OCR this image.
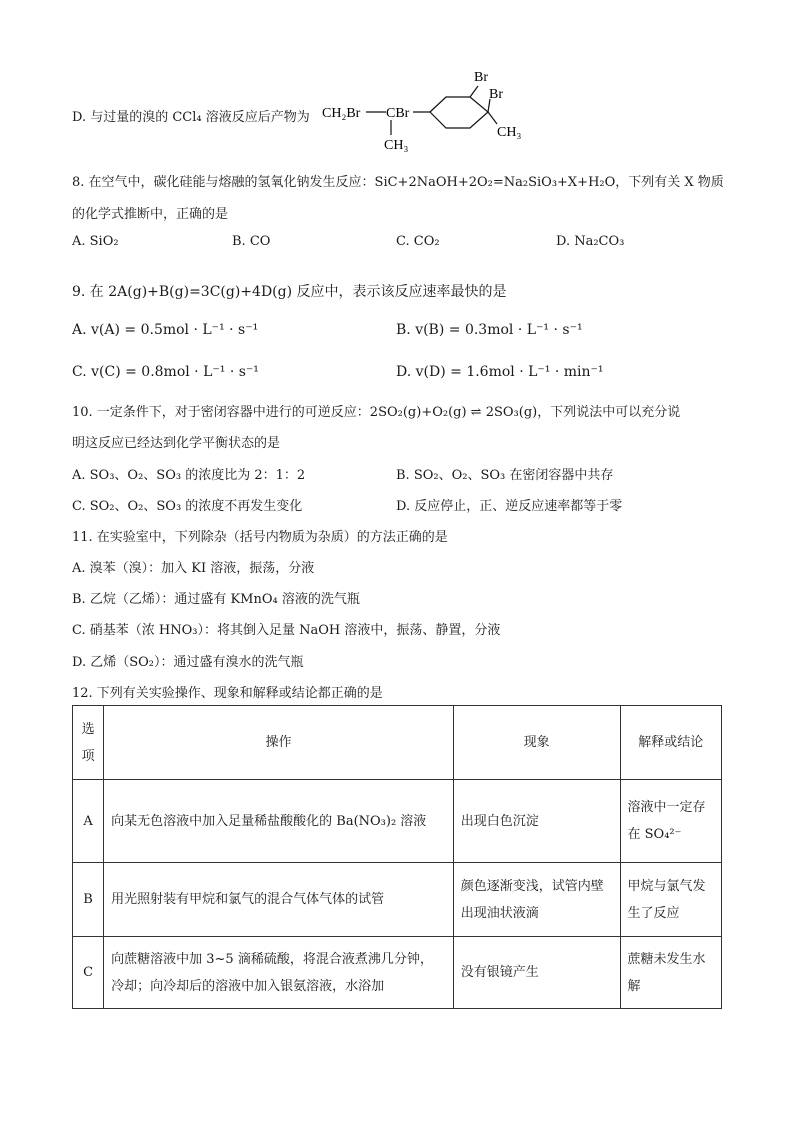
D. 与过量的溴的 CCl₄ 溶液反应后产物为 CH₂Br CBr
CH₃
Br
Br
CH₃
8. 在空气中，碳化硅能与熔融的氢氧化钠发生反应：SiC+2NaOH+2O₂=Na₂SiO₃+X+H₂O，下列有关 X 物质
的化学式推断中，正确的是
A. SiO₂	B. CO	C. CO₂	D. Na₂CO₃
9. 在 2A(g)+B(g)=3C(g)+4D(g) 反应中，表示该反应速率最快的是
A. v(A) = 0.5mol · L⁻¹ · s⁻¹	B. v(B) = 0.3mol · L⁻¹ · s⁻¹
C. v(C) = 0.8mol · L⁻¹ · s⁻¹	D. v(D) = 1.6mol · L⁻¹ · min⁻¹
10. 一定条件下，对于密闭容器中进行的可逆反应：2SO₂(g)+O₂(g) ⇌ 2SO₃(g)，下列说法中可以充分说
明这反应已经达到化学平衡状态的是
A. SO₃、O₂、SO₃ 的浓度比为 2：1：2	B. SO₂、O₂、SO₃ 在密闭容器中共存
C. SO₂、O₂、SO₃ 的浓度不再发生变化	D. 反应停止，正、逆反应速率都等于零
11. 在实验室中，下列除杂（括号内物质为杂质）的方法正确的是
A. 溴苯（溴）：加入 KI 溶液，振荡，分液
B. 乙烷（乙烯）：通过盛有 KMnO₄ 溶液的洗气瓶
C. 硝基苯（浓 HNO₃）：将其倒入足量 NaOH 溶液中，振荡、静置，分液
D. 乙烯（SO₂）：通过盛有溴水的洗气瓶
12. 下列有关实验操作、现象和解释或结论都正确的是
选项	操作	现象	解释或结论
A	向某无色溶液中加入足量稀盐酸酸化的 Ba(NO₃)₂ 溶液	出现白色沉淀	溶液中一定存在 SO₄²⁻
B	用光照射装有甲烷和氯气的混合气体气体的试管	颜色逐渐变浅，试管内壁出现油状液滴	甲烷与氯气发生了反应
C	向蔗糖溶液中加 3~5 滴稀硫酸，将混合液煮沸几分钟，冷却；向冷却后的溶液中加入银氨溶液，水浴加	没有银镜产生	蔗糖未发生水解
